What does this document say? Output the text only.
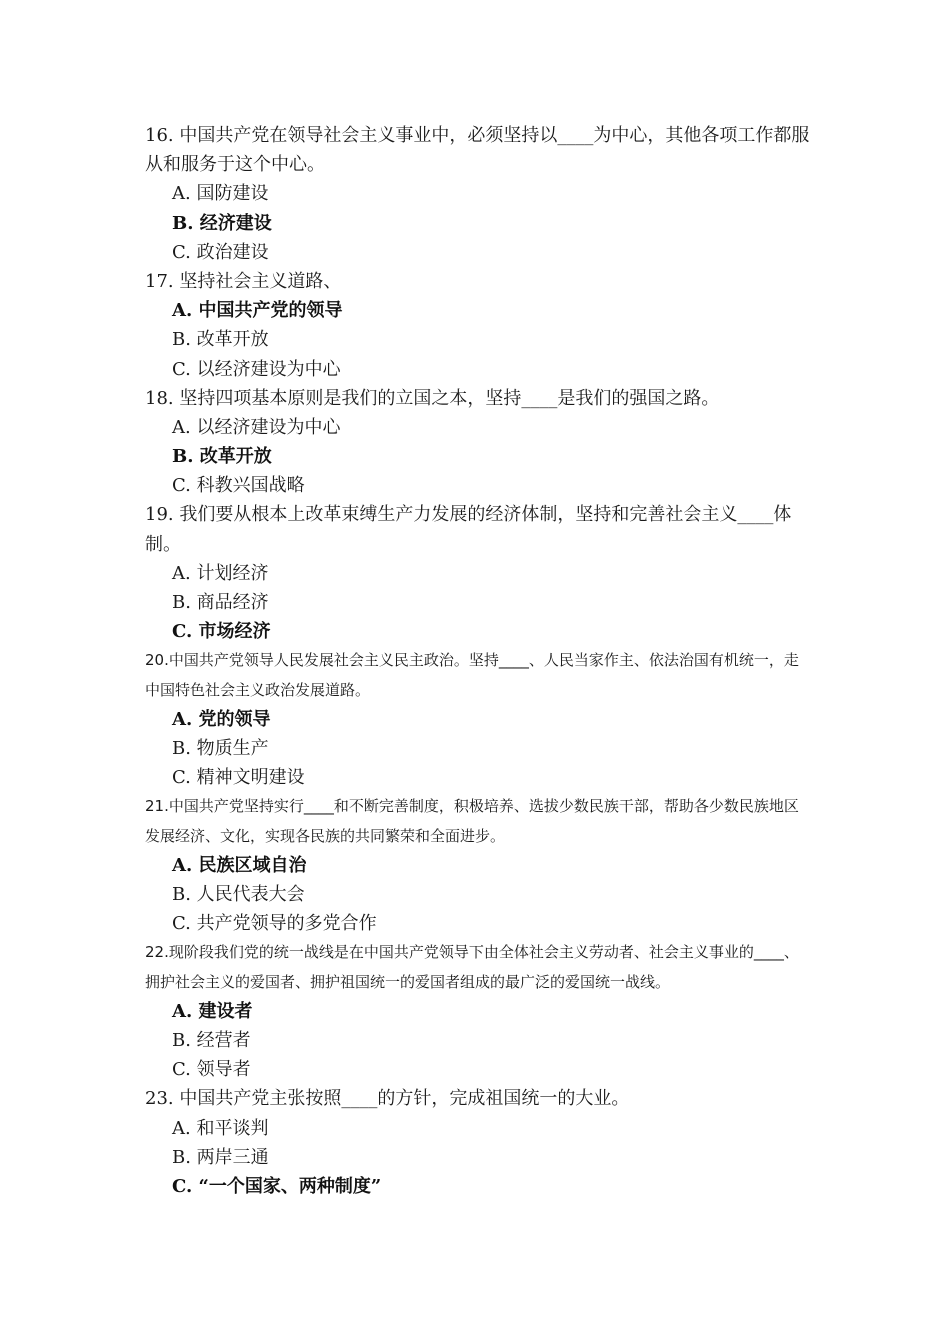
16. 中国共产党在领导社会主义事业中，必须坚持以____为中心，其他各项工作都服从和服务于这个中心。
A. 国防建设
B. 经济建设
C. 政治建设
17. 坚持社会主义道路、
A. 中国共产党的领导
B. 改革开放
C. 以经济建设为中心
18. 坚持四项基本原则是我们的立国之本，坚持____是我们的强国之路。
A. 以经济建设为中心
B. 改革开放
C. 科教兴国战略
19. 我们要从根本上改革束缚生产力发展的经济体制，坚持和完善社会主义____体制。
A. 计划经济
B. 商品经济
C. 市场经济
20.中国共产党领导人民发展社会主义民主政治。坚持____、人民当家作主、依法治国有机统一，走中国特色社会主义政治发展道路。
A. 党的领导
B. 物质生产
C. 精神文明建设
21.中国共产党坚持实行____和不断完善制度，积极培养、选拔少数民族干部，帮助各少数民族地区发展经济、文化，实现各民族的共同繁荣和全面进步。
A. 民族区域自治
B. 人民代表大会
C. 共产党领导的多党合作
22.现阶段我们党的统一战线是在中国共产党领导下由全体社会主义劳动者、社会主义事业的____、拥护社会主义的爱国者、拥护祖国统一的爱国者组成的最广泛的爱国统一战线。
A. 建设者
B. 经营者
C. 领导者
23. 中国共产党主张按照____的方针，完成祖国统一的大业。
A. 和平谈判
B. 两岸三通
C. “一个国家、两种制度”
